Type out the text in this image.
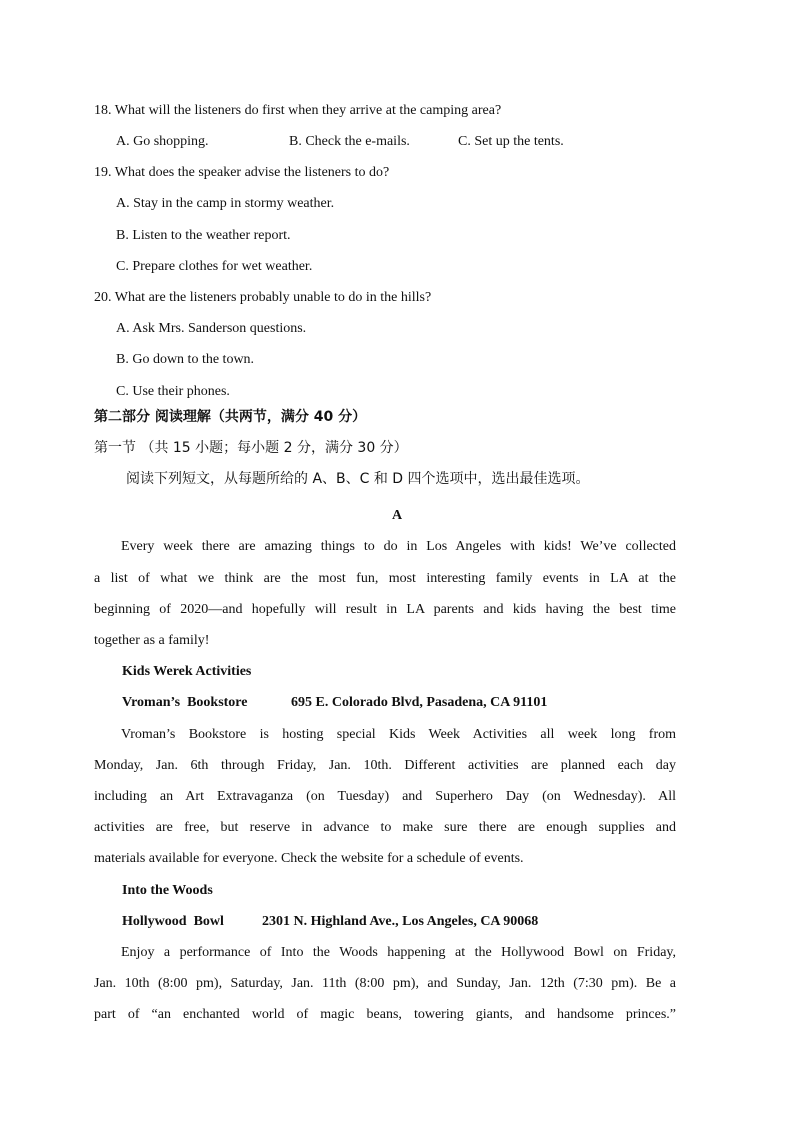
18. What will the listeners do first when they arrive at the camping area?
A. Go shopping.	B. Check the e-mails.	C. Set up the tents.
19. What does the speaker advise the listeners to do?
A. Stay in the camp in stormy weather.
B. Listen to the weather report.
C. Prepare clothes for wet weather.
20. What are the listeners probably unable to do in the hills?
A. Ask Mrs. Sanderson questions.
B. Go down to the town.
C. Use their phones.
第二部分 阅读理解（共两节，满分 40 分）
第一节 （共 15 小题；每小题 2 分，满分 30 分）
阅读下列短文，从每题所给的 A、B、C 和 D 四个选项中，选出最佳选项。
A
Every week there are amazing things to do in Los Angeles with kids! We’ve collected
a list of what we think are the most fun, most interesting family events in LA at the
beginning of 2020—and hopefully will result in LA parents and kids having the best time
together as a family!
Kids Werek Activities
Vroman’s  Bookstore	695 E. Colorado Blvd, Pasadena, CA 91101
Vroman’s Bookstore is hosting special Kids Week Activities all week long from
Monday, Jan. 6th through Friday, Jan. 10th. Different activities are planned each day
including an Art Extravaganza (on Tuesday) and Superhero Day (on Wednesday). All
activities are free, but reserve in advance to make sure there are enough supplies and
materials available for everyone. Check the website for a schedule of events.
Into the Woods
Hollywood  Bowl	2301 N. Highland Ave., Los Angeles, CA 90068
Enjoy a performance of Into the Woods happening at the Hollywood Bowl on Friday,
Jan. 10th (8:00 pm), Saturday, Jan. 11th (8:00 pm), and Sunday, Jan. 12th (7:30 pm). Be a
part of “an enchanted world of magic beans, towering giants, and handsome princes.”
